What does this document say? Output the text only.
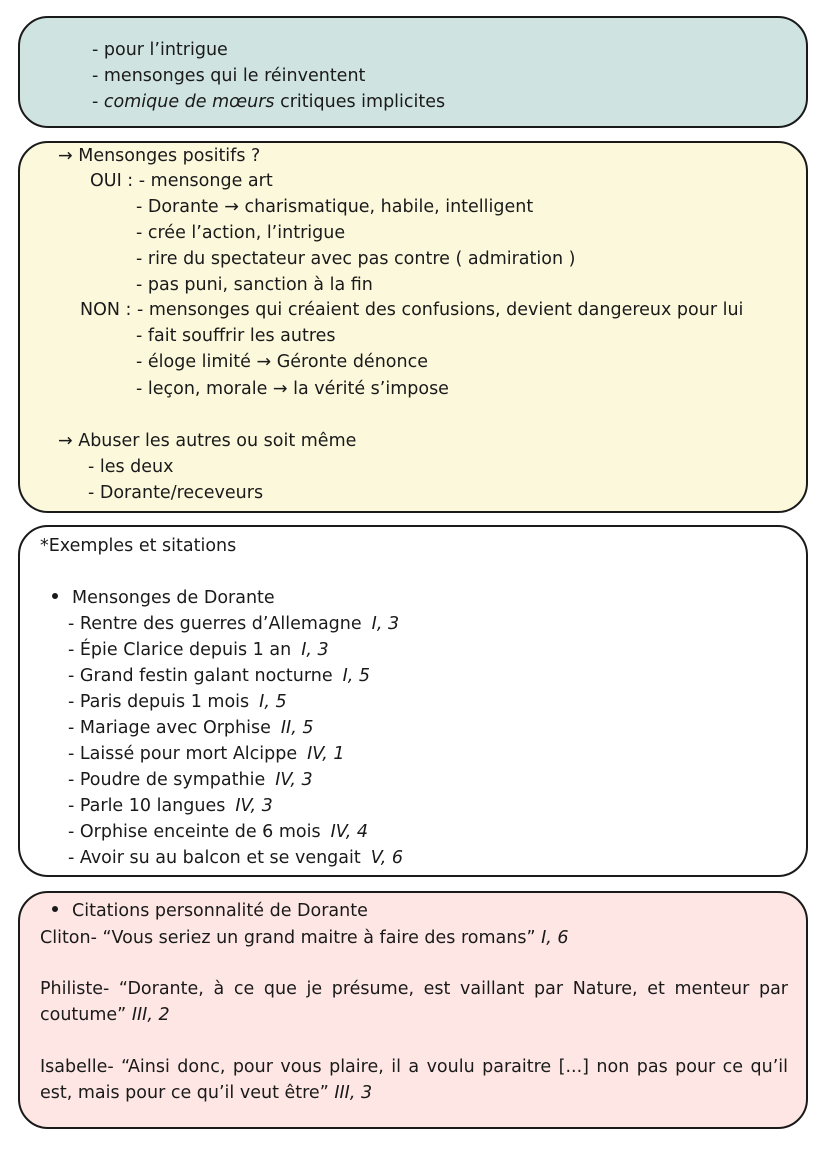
- pour l’intrigue
- mensonges qui le réinventent
- comique de mœurs critiques implicites
→ Mensonges positifs ?
OUI : - mensonge art
- Dorante → charismatique, habile, intelligent
- crée l’action, l’intrigue
- rire du spectateur avec pas contre ( admiration )
- pas puni, sanction à la fin
NON : - mensonges qui créaient des confusions, devient dangereux pour lui
- fait souffrir les autres
- éloge limité → Géronte dénonce
- leçon, morale → la vérité s’impose
→ Abuser les autres ou soit même
- les deux
- Dorante/receveurs
*Exemples et sitations
Mensonges de Dorante
- Rentre des guerres d’Allemagne I, 3
- Épie Clarice depuis 1 an I, 3
- Grand festin galant nocturne I, 5
- Paris depuis 1 mois I, 5
- Mariage avec Orphise II, 5
- Laissé pour mort Alcippe IV, 1
- Poudre de sympathie IV, 3
- Parle 10 langues IV, 3
- Orphise enceinte de 6 mois IV, 4
- Avoir su au balcon et se vengait V, 6
Citations personnalité de Dorante
Cliton- “Vous seriez un grand maitre à faire des romans” I, 6
Philiste- “Dorante, à ce que je présume, est vaillant par Nature, et menteur par coutume” III, 2
Isabelle- “Ainsi donc, pour vous plaire, il a voulu paraitre [...] non pas pour ce qu’il est, mais pour ce qu’il veut être” III, 3
